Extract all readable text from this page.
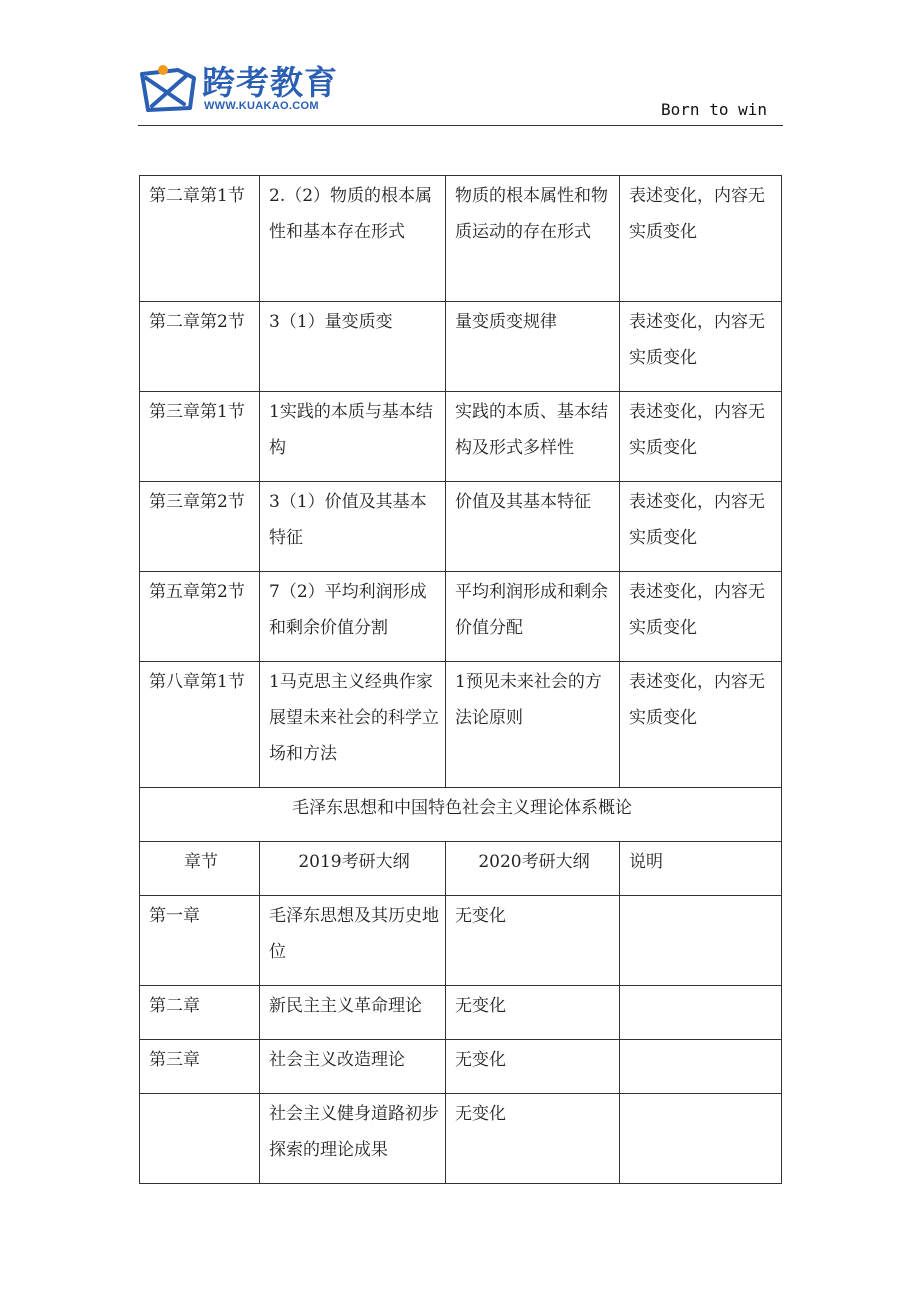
跨考教育
WWW.KUAKAO.COM	Born to win
第二章第1节	2.（2）物质的根本属性和基本存在形式	物质的根本属性和物质运动的存在形式	表述变化，内容无实质变化
第二章第2节	3（1）量变质变	量变质变规律	表述变化，内容无实质变化
第三章第1节	1实践的本质与基本结构	实践的本质、基本结构及形式多样性	表述变化，内容无实质变化
第三章第2节	3（1）价值及其基本特征	价值及其基本特征	表述变化，内容无实质变化
第五章第2节	7（2）平均利润形成和剩余价值分割	平均利润形成和剩余价值分配	表述变化，内容无实质变化
第八章第1节	1马克思主义经典作家展望未来社会的科学立场和方法	1预见未来社会的方法论原则	表述变化，内容无实质变化
毛泽东思想和中国特色社会主义理论体系概论			
章节	2019考研大纲	2020考研大纲	说明
第一章	毛泽东思想及其历史地位	无变化	
第二章	新民主主义革命理论	无变化	
第三章	社会主义改造理论	无变化	
	社会主义健身道路初步探索的理论成果	无变化	
